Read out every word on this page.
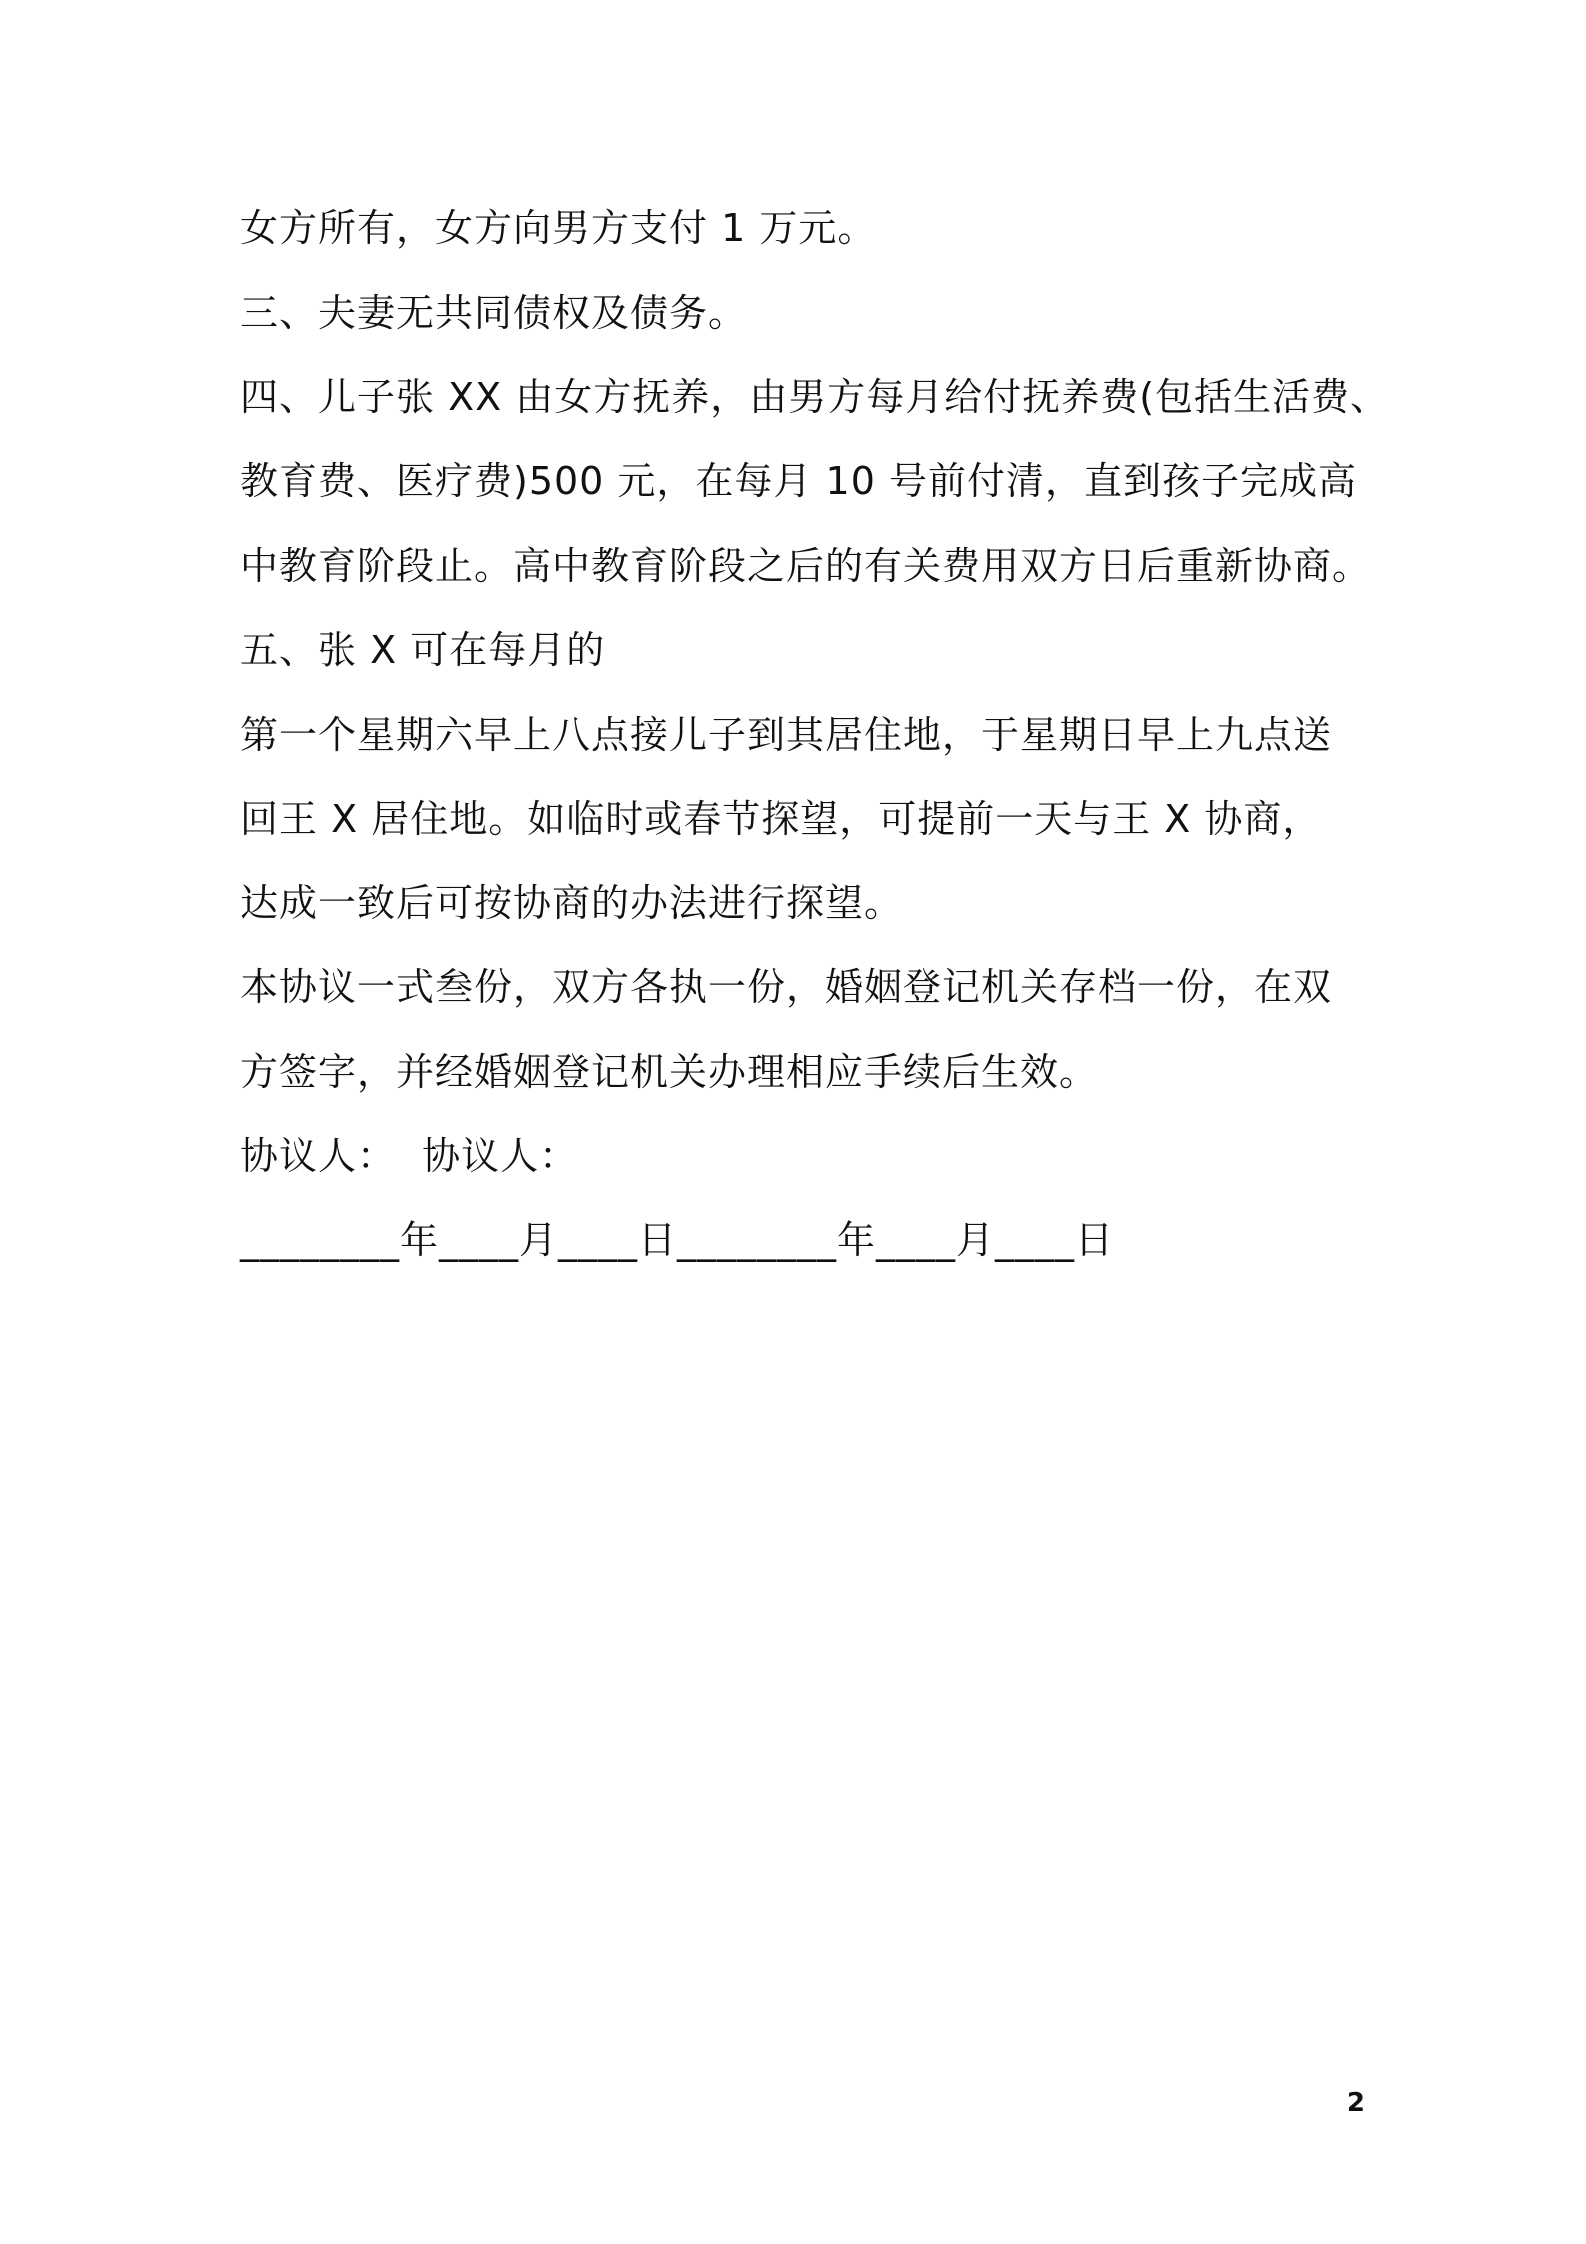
女方所有，女方向男方支付 1 万元。
三、夫妻无共同债权及债务。
四、儿子张 XX 由女方抚养，由男方每月给付抚养费(包括生活费、
教育费、医疗费)500 元，在每月 10 号前付清，直到孩子完成高
中教育阶段止。高中教育阶段之后的有关费用双方日后重新协商。
五、张 X 可在每月的
第一个星期六早上八点接儿子到其居住地，于星期日早上九点送
回王 X 居住地。如临时或春节探望，可提前一天与王 X 协商，
达成一致后可按协商的办法进行探望。
本协议一式叁份，双方各执一份，婚姻登记机关存档一份，在双
方签字，并经婚姻登记机关办理相应手续后生效。
协议人：  协议人：
________年____月____日________年____月____日
2
